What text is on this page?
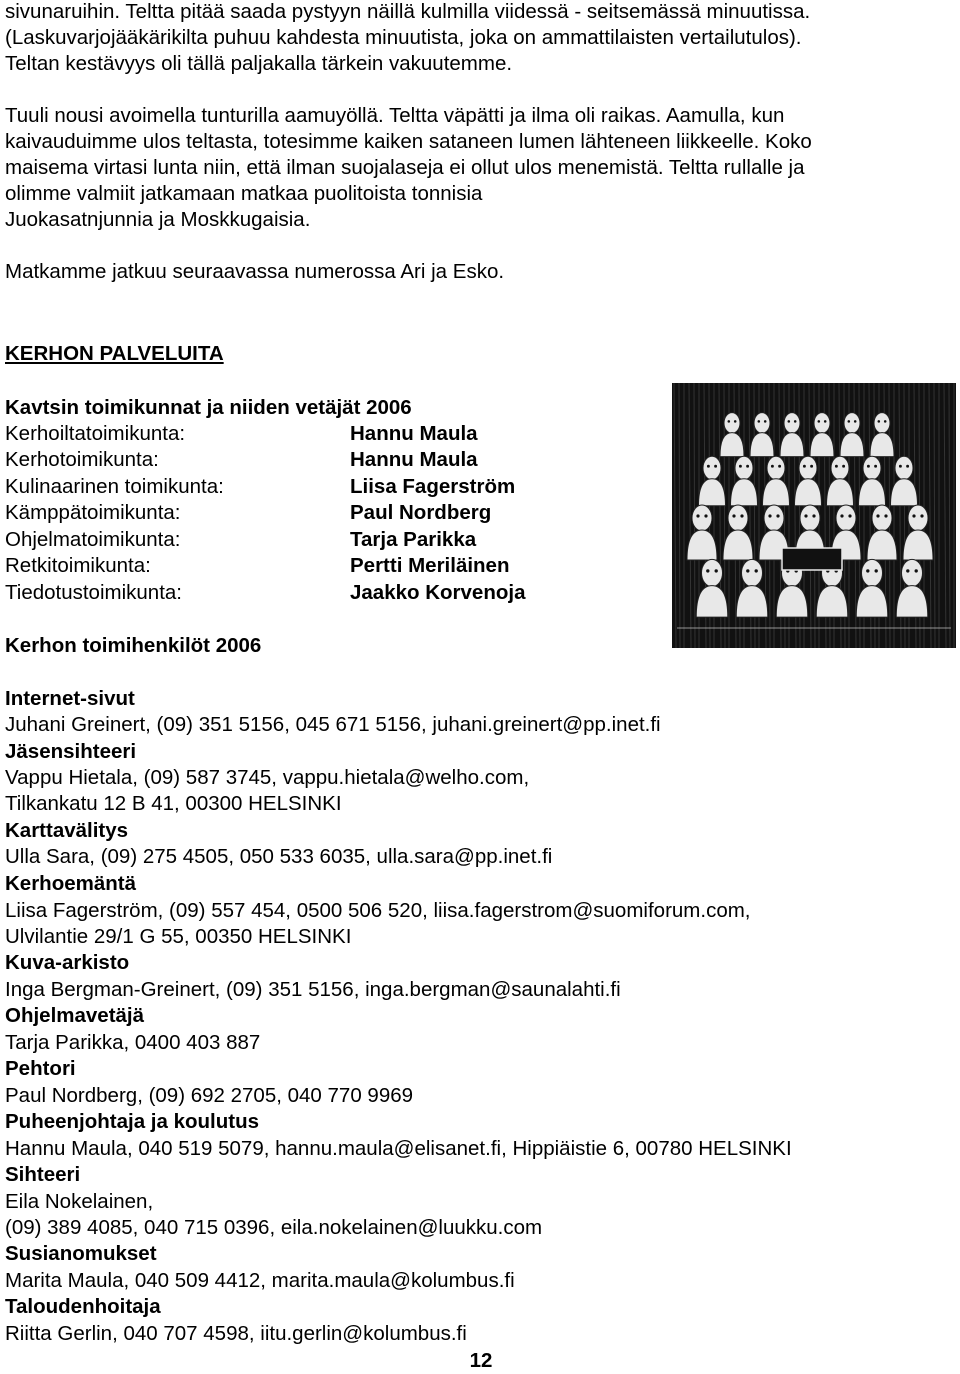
sivunaruihin. Teltta pitää saada pystyyn näillä kulmilla viidessä - seitsemässä minuutissa.
(Laskuvarjojääkärikilta puhuu kahdesta minuutista, joka on ammattilaisten vertailutulos).
Teltan kestävyys oli tällä paljakalla tärkein vakuutemme.
Tuuli nousi avoimella tunturilla aamuyöllä. Teltta väpätti ja ilma oli raikas. Aamulla, kun
kaivauduimme ulos teltasta, totesimme kaiken sataneen lumen lähteneen liikkeelle. Koko
maisema virtasi lunta niin, että ilman suojalaseja ei ollut ulos menemistä. Teltta rullalle ja
olimme valmiit jatkamaan matkaa puolitoista tonnisia
Juokasatnjunnia ja Moskkugaisia.
Matkamme jatkuu seuraavassa numerossa Ari ja Esko.
KERHON PALVELUITA
Kavtsin toimikunnat ja niiden vetäjät 2006
Kerhoiltatoimikunta:	Hannu Maula
Kerhotoimikunta:	Hannu Maula
Kulinaarinen toimikunta:	Liisa Fagerström
Kämppätoimikunta:	Paul Nordberg
Ohjelmatoimikunta:	Tarja Parikka
Retkitoimikunta:	Pertti Meriläinen
Tiedotustoimikunta:	Jaakko Korvenoja
Kerhon toimihenkilöt 2006
Internet-sivut
Juhani Greinert, (09) 351 5156, 045 671 5156, juhani.greinert@pp.inet.fi
Jäsensihteeri
Vappu Hietala, (09) 587 3745, vappu.hietala@welho.com,
Tilkankatu 12 B 41, 00300 HELSINKI
Karttavälitys
Ulla Sara, (09) 275 4505, 050 533 6035, ulla.sara@pp.inet.fi
Kerhoemäntä
Liisa Fagerström, (09) 557 454, 0500 506 520, liisa.fagerstrom@suomiforum.com,
Ulvilantie 29/1 G 55, 00350 HELSINKI
Kuva-arkisto
Inga Bergman-Greinert, (09) 351 5156, inga.bergman@saunalahti.fi
Ohjelmavetäjä
Tarja Parikka, 0400 403 887
Pehtori
Paul Nordberg, (09) 692 2705, 040 770 9969
Puheenjohtaja ja koulutus
Hannu Maula, 040 519 5079, hannu.maula@elisanet.fi, Hippiäistie 6, 00780 HELSINKI
Sihteeri
Eila Nokelainen,
(09) 389 4085, 040 715 0396, eila.nokelainen@luukku.com
Susianomukset
Marita Maula, 040 509 4412, marita.maula@kolumbus.fi
Taloudenhoitaja
Riitta Gerlin, 040 707 4598, iitu.gerlin@kolumbus.fi
12
